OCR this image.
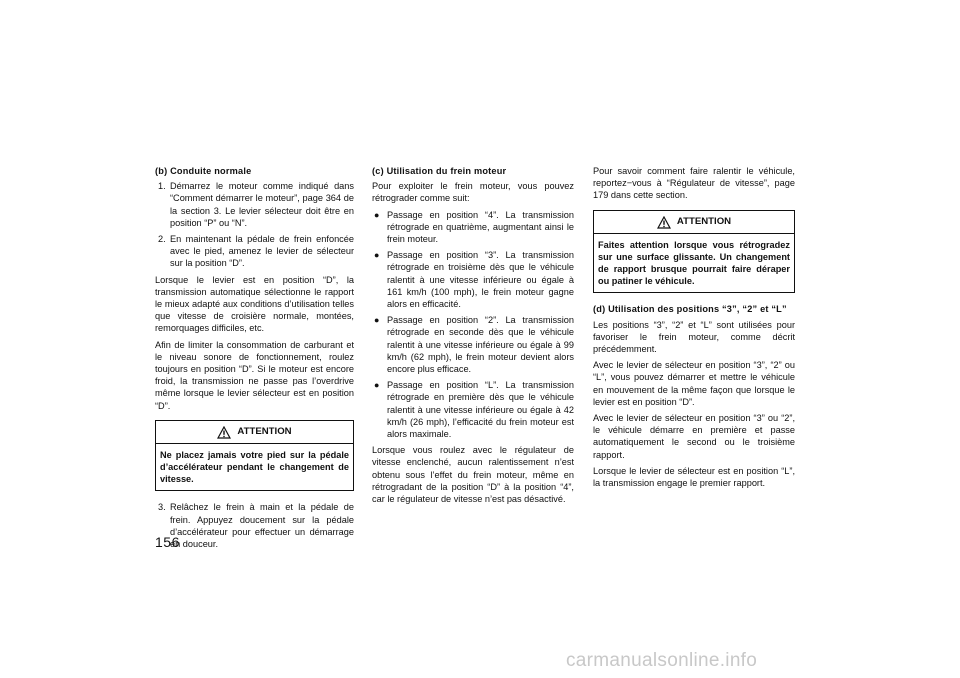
(b) Conduite normale
1. Démarrez le moteur comme indiqué dans “Comment démarrer le moteur”, page 364 de la section 3. Le levier sélecteur doit être en position “P” ou “N”.
2. En maintenant la pédale de frein enfoncée avec le pied, amenez le levier de sélecteur sur la position “D”.

Lorsque le levier est en position “D”, la transmission automatique sélectionne le rapport le mieux adapté aux conditions d’utilisation telles que vitesse de croisière normale, montées, remorquages difficiles, etc.

Afin de limiter la consommation de carburant et le niveau sonore de fonctionnement, roulez toujours en position “D”. Si le moteur est encore froid, la transmission ne passe pas l’overdrive même lorsque le levier sélecteur est en position “D”.

ATTENTION
Ne placez jamais votre pied sur la pédale d’accélérateur pendant le changement de vitesse.
3. Relâchez le frein à main et la pédale de frein. Appuyez doucement sur la pédale d’accélérateur pour effectuer un démarrage en douceur.
(c) Utilisation du frein moteur

Pour exploiter le frein moteur, vous pouvez rétrograder comme suit:

● Passage en position “4”. La transmission rétrograde en quatrième, augmentant ainsi le frein moteur.
● Passage en position “3”. La transmission rétrograde en troisième dès que le véhicule ralentit à une vitesse inférieure ou égale à 161 km/h (100 mph), le frein moteur gagne alors en efficacité.
● Passage en position “2”. La transmission rétrograde en seconde dès que le véhicule ralentit à une vitesse inférieure ou égale à 99 km/h (62 mph), le frein moteur devient alors encore plus efficace.
● Passage en position “L”. La transmission rétrograde en première dès que le véhicule ralentit à une vitesse inférieure ou égale à 42 km/h (26 mph), l’efficacité du frein moteur est alors maximale.

Lorsque vous roulez avec le régulateur de vitesse enclenché, aucun ralentissement n’est obtenu sous l’effet du frein moteur, même en rétrogradant de la position “D” à la position “4”, car le régulateur de vitesse n’est pas désactivé.

Pour savoir comment faire ralentir le véhicule, reportez−vous à “Régulateur de vitesse”, page 179 dans cette section.

ATTENTION
Faites attention lorsque vous rétrogradez sur une surface glissante. Un changement de rapport brusque pourrait faire déraper ou patiner le véhicule.
(d) Utilisation des positions “3”, “2” et “L”

Les positions “3”, “2” et “L” sont utilisées pour favoriser le frein moteur, comme décrit précédemment.

Avec le levier de sélecteur en position “3”, “2” ou “L”, vous pouvez démarrer et mettre le véhicule en mouvement de la même façon que lorsque le levier est en position “D”.

Avec le levier de sélecteur en position “3” ou “2”, le véhicule démarre en première et passe automatiquement le second ou le troisième rapport.

Lorsque le levier de sélecteur est en position “L”, la transmission engage le premier rapport.

156
carmanualsonline.info
